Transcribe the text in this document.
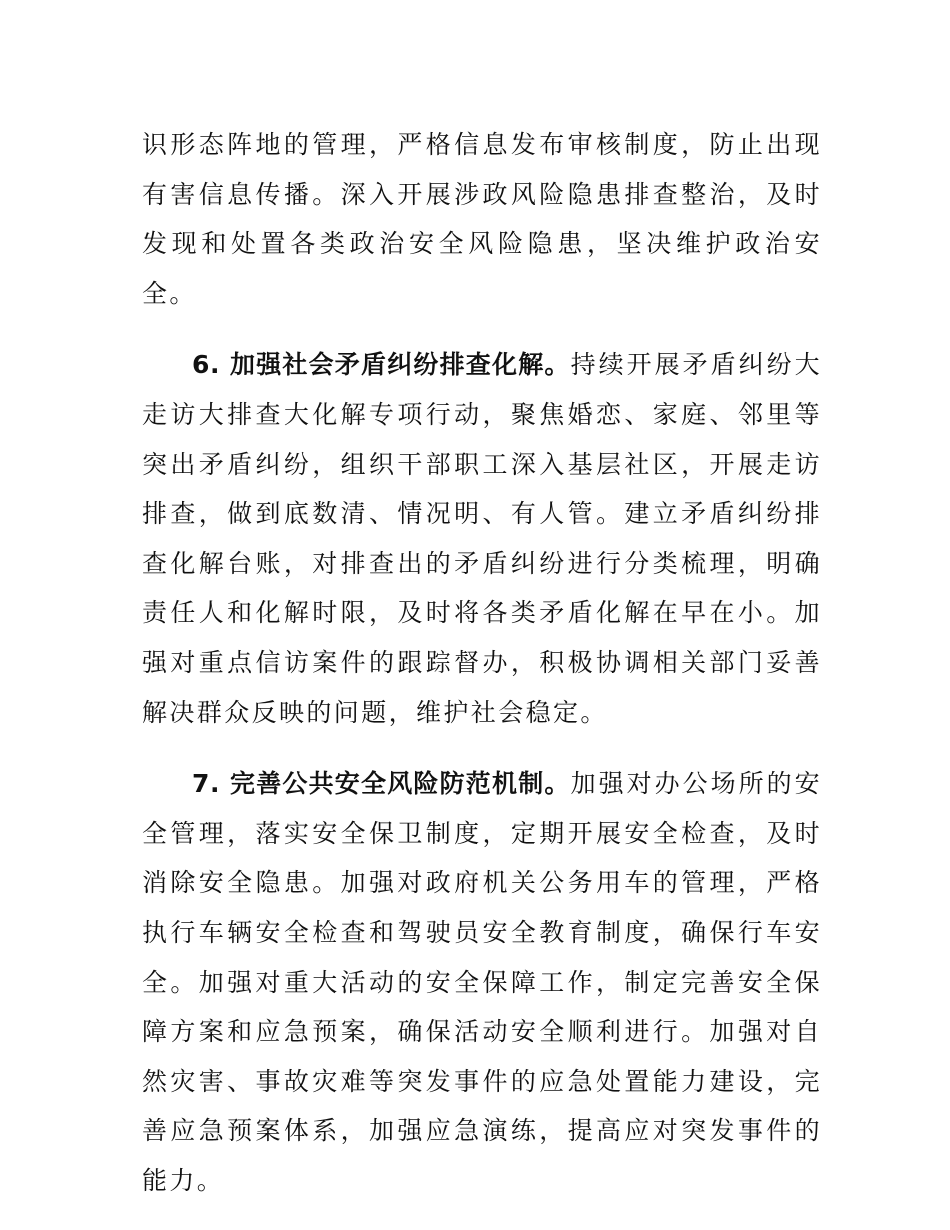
识形态阵地的管理，严格信息发布审核制度，防止出现有害信息传播。深入开展涉政风险隐患排查整治，及时发现和处置各类政治安全风险隐患，坚决维护政治安全。

6. 加强社会矛盾纠纷排查化解。持续开展矛盾纠纷大走访大排查大化解专项行动，聚焦婚恋、家庭、邻里等突出矛盾纠纷，组织干部职工深入基层社区，开展走访排查，做到底数清、情况明、有人管。建立矛盾纠纷排查化解台账，对排查出的矛盾纠纷进行分类梳理，明确责任人和化解时限，及时将各类矛盾化解在早在小。加强对重点信访案件的跟踪督办，积极协调相关部门妥善解决群众反映的问题，维护社会稳定。

7. 完善公共安全风险防范机制。加强对办公场所的安全管理，落实安全保卫制度，定期开展安全检查，及时消除安全隐患。加强对政府机关公务用车的管理，严格执行车辆安全检查和驾驶员安全教育制度，确保行车安全。加强对重大活动的安全保障工作，制定完善安全保障方案和应急预案，确保活动安全顺利进行。加强对自然灾害、事故灾难等突发事件的应急处置能力建设，完善应急预案体系，加强应急演练，提高应对突发事件的能力。
